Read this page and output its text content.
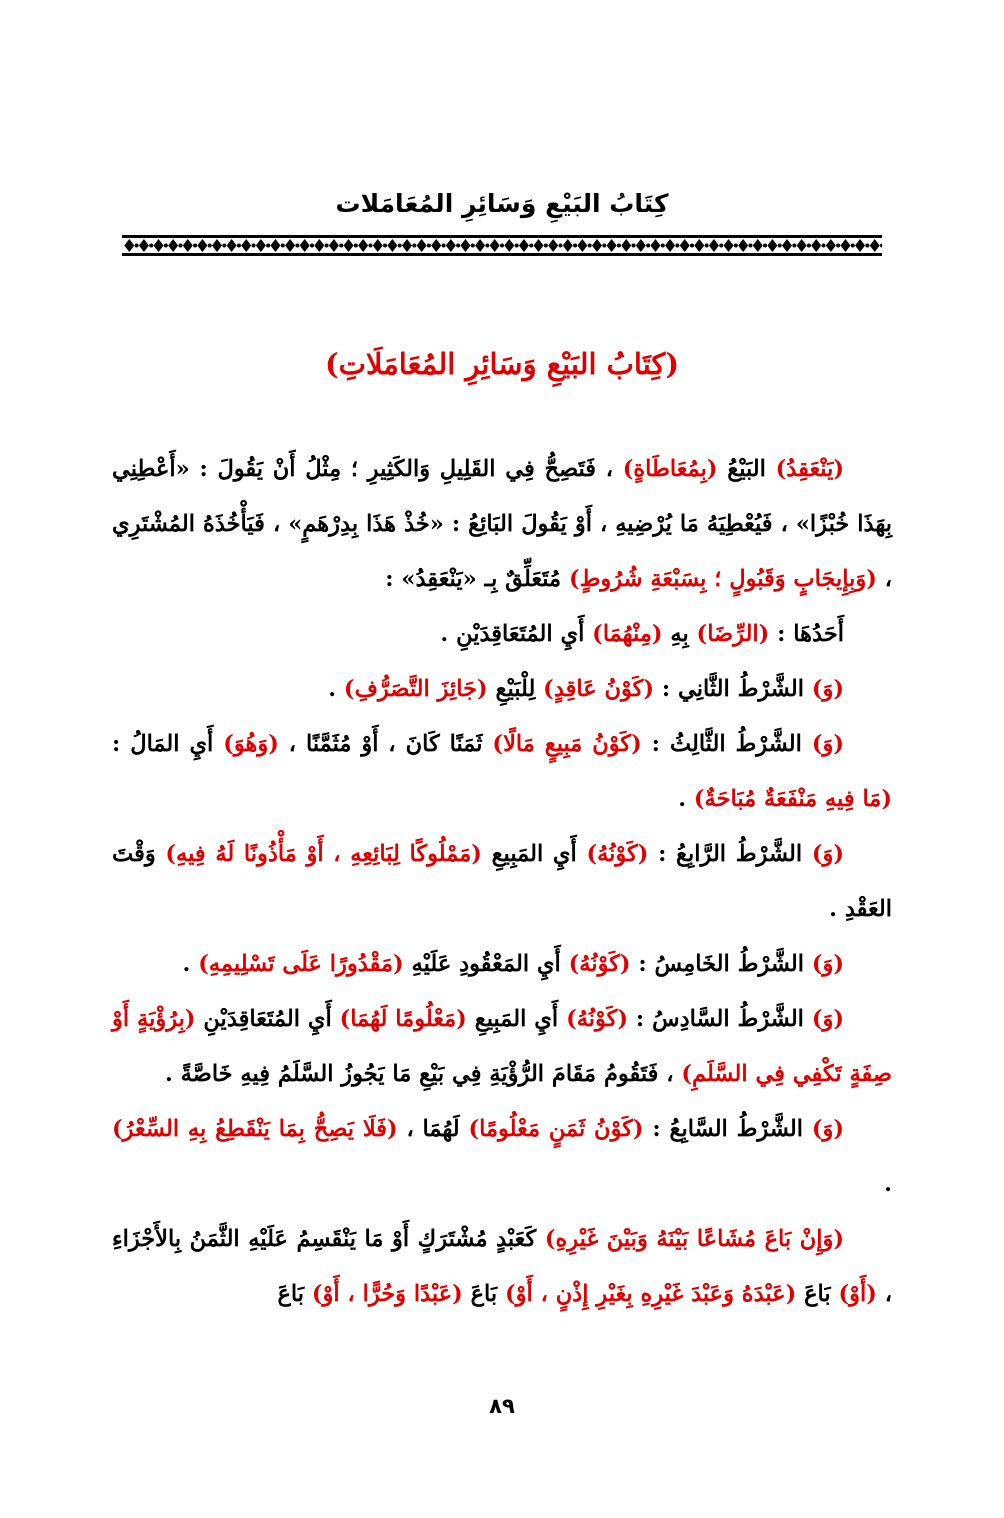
كِتَابُ البَيْعِ وَسَائِرِ المُعَامَلات
(كِتَابُ البَيْعِ وَسَائِرِ المُعَامَلَاتِ)

(يَنْعَقِدُ) البَيْعُ (بِمُعَاطَاةٍ) ، فَتَصِحُّ فِي القَلِيلِ وَالكَثِيرِ ؛ مِثْلُ أَنْ يَقُولَ : «أَعْطِنِي بِهَذَا خُبْزًا» ، فَيُعْطِيَهُ مَا يُرْضِيهِ ، أَوْ يَقُولَ البَائِعُ : «خُذْ هَذَا بِدِرْهَمٍ» ، فَيَأْخُذَهُ المُشْتَرِي ، (وَبِإِيجَابٍ وَقَبُولٍ ؛ بِسَبْعَةِ شُرُوطٍ) مُتَعَلِّقٌ بِـ «يَنْعَقِدُ» :

أَحَدُهَا : (الرِّضَا) بِهِ (مِنْهُمَا) أَيِ المُتَعَاقِدَيْنِ .

(وَ) الشَّرْطُ الثَّانِي : (كَوْنُ عَاقِدٍ) لِلْبَيْعِ (جَائِزَ التَّصَرُّفِ) .

(وَ) الشَّرْطُ الثَّالِثُ : (كَوْنُ مَبِيعٍ مَالًا) ثَمَنًا كَانَ ، أَوْ مُثَمَّنًا ، (وَهُوَ) أَيِ المَالُ : (مَا فِيهِ مَنْفَعَةٌ مُبَاحَةٌ) .

(وَ) الشَّرْطُ الرَّابِعُ : (كَوْنُهُ) أَيِ المَبِيعِ (مَمْلُوكًا لِبَائِعِهِ ، أَوْ مَأْذُونًا لَهُ فِيهِ) وَقْتَ العَقْدِ .

(وَ) الشَّرْطُ الخَامِسُ : (كَوْنُهُ) أَيِ المَعْقُودِ عَلَيْهِ (مَقْدُورًا عَلَى تَسْلِيمِهِ) .

(وَ) الشَّرْطُ السَّادِسُ : (كَوْنُهُ) أَيِ المَبِيعِ (مَعْلُومًا لَهُمَا) أَيِ المُتَعَاقِدَيْنِ (بِرُؤْيَةٍ أَوْ صِفَةٍ تَكْفِي فِي السَّلَمِ) ، فَتَقُومُ مَقَامَ الرُّؤْيَةِ فِي بَيْعِ مَا يَجُوزُ السَّلَمُ فِيهِ خَاصَّةً .

(وَ) الشَّرْطُ السَّابِعُ : (كَوْنُ ثَمَنٍ مَعْلُومًا) لَهُمَا ، (فَلَا يَصِحُّ بِمَا يَنْقَطِعُ بِهِ السِّعْرُ) .

(وَإِنْ بَاعَ مُشَاعًا بَيْنَهُ وَبَيْنَ غَيْرِهِ) كَعَبْدٍ مُشْتَرَكٍ أَوْ مَا يَنْقَسِمُ عَلَيْهِ الثَّمَنُ بِالأَجْزَاءِ ، (أَوْ) بَاعَ (عَبْدَهُ وَعَبْدَ غَيْرِهِ بِغَيْرِ إِذْنٍ ، أَوْ) بَاعَ (عَبْدًا وَحُرًّا ، أَوْ) بَاعَ

٨٩
